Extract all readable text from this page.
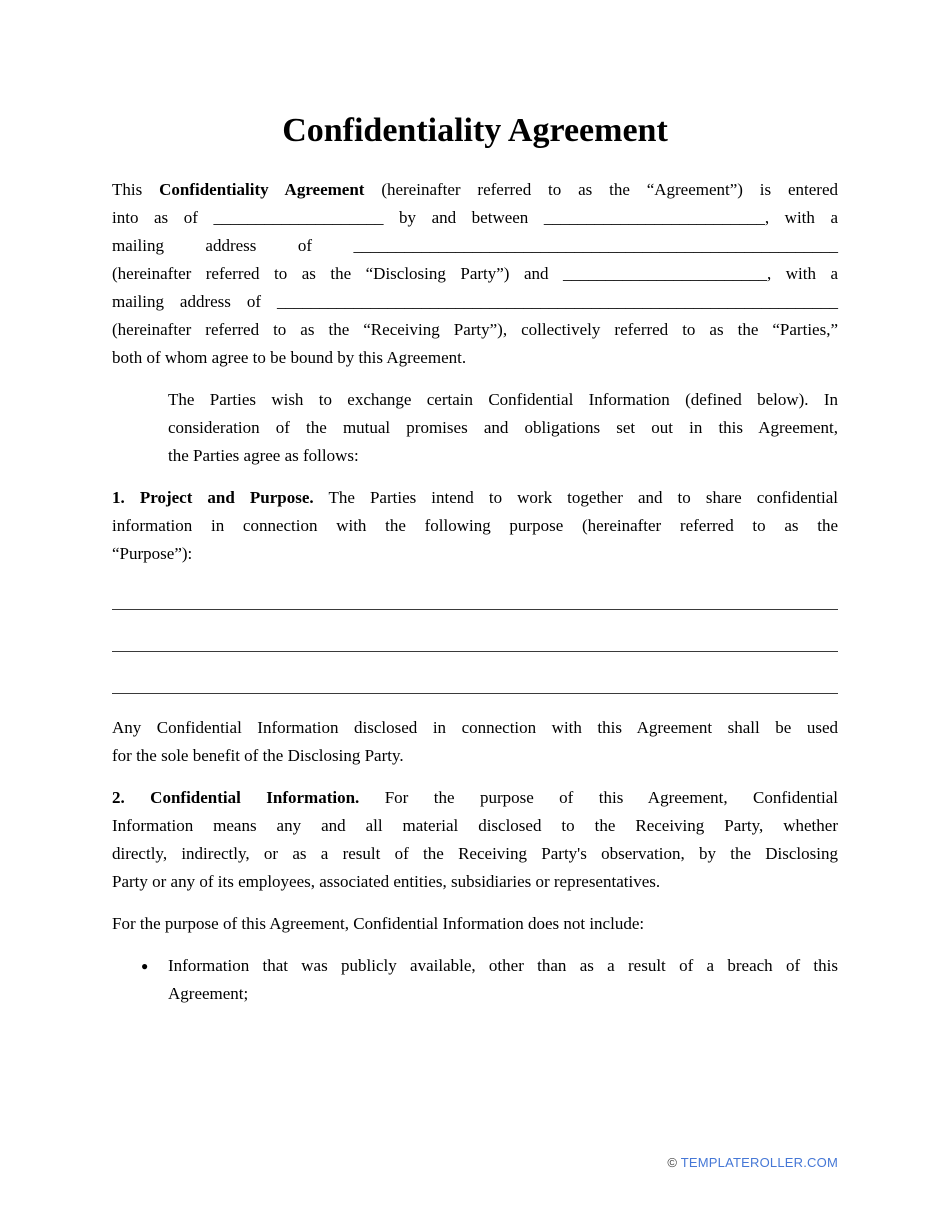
Confidentiality Agreement
This Confidentiality Agreement (hereinafter referred to as the “Agreement”) is entered
into as of ____________________ by and between __________________________, with a
mailing address of _________________________________________________________
(hereinafter referred to as the “Disclosing Party”) and ________________________, with a
mailing address of __________________________________________________________________
(hereinafter referred to as the “Receiving Party”), collectively referred to as the “Parties,”
both of whom agree to be bound by this Agreement.
The Parties wish to exchange certain Confidential Information (defined below). In
consideration of the mutual promises and obligations set out in this Agreement,
the Parties agree as follows:
1. Project and Purpose. The Parties intend to work together and to share confidential
information in connection with the following purpose (hereinafter referred to as the
“Purpose”):
Any Confidential Information disclosed in connection with this Agreement shall be used
for the sole benefit of the Disclosing Party.
2. Confidential Information. For the purpose of this Agreement, Confidential
Information means any and all material disclosed to the Receiving Party, whether
directly, indirectly, or as a result of the Receiving Party's observation, by the Disclosing
Party or any of its employees, associated entities, subsidiaries or representatives.
For the purpose of this Agreement, Confidential Information does not include:
●	Information that was publicly available, other than as a result of a breach of this
Agreement;
© TEMPLATEROLLER.COM
